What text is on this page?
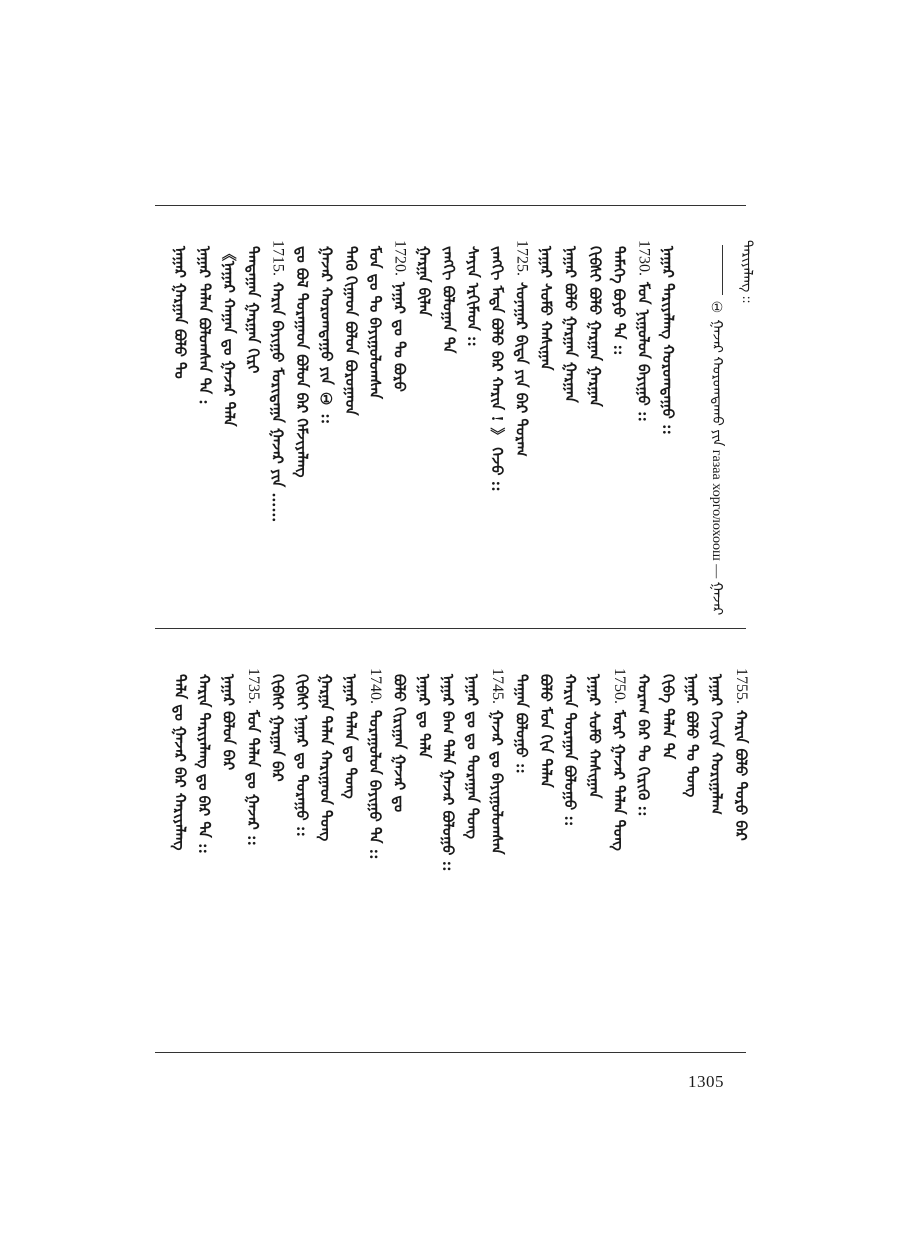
ᠲᠠᠷᠢᠶᠠᠯᠠᠩ ::
① ᠭᠠᠵᠠᠷ ᠬᠣᠷᠤᠭᠳᠠᠬᠤ ᠶᠢᠨ газаа хорголохоош — ᠭᠠᠵᠠᠷ
ᠨᠠᠭᠠᠷ ᠲᠠᠷᠢᠶᠠᠯᠠᠩ ᠬᠣᠷᠤᠭᠳᠠᠭᠤ ::
1730.ᠮᠣᠨ ᠨᠢᠭᠤᠯᠤᠨ ᠪᠠᠶᠢᠭᠤ ::
ᠲᠡᠮᠡᠭᠡ ᠪᠤᠶᠤ ᠲᠡ ::
ᠬᠢᠪᠰᠢ ᠪᠣᠯᠤ ᠭᠠᠷᠭᠠᠨ ᠭᠠᠷᠭᠠᠨ
ᠨᠠᠭᠠᠷ ᠪᠣᠯᠤ ᠭᠠᠷᠭᠠᠨ ᠭᠠᠷᠭᠠᠨ
ᠨᠠᠭᠠᠷ ᠰᠤᠮᠤ ᠬᠠᠰᠢᠭᠠᠨ
1725.ᠰᠤᠨᠠᠭᠠᠷ ᠪᠢᠳᠡ ᠶᠢᠨ ᠪᠡᠷ ᠳᠤᠷᠠᠭ
ᠵᠠᠩᠭᠢ ᠮᠡᠳᠡ ᠪᠣᠯᠤ ᠪᠡᠷ ᠬᠠᠷᠢᠨ ! 》 ᠭᠡᠵᠦ ::
ᠰᠠᠶᠢᠨ ᠡᠷᠬᠢᠮᠡᠳ ::
ᠵᠠᠩᠭᠢ ᠪᠤᠯᠤᠭᠠᠨ ᠲᠡ
ᠭᠠᠷᠭᠠ ᠪᠢᠯᠠᠨ
1720.ᠨᠠᠭᠠᠷ ᠳᠤ ᠲᠤ ᠪᠣᠷᠤ
ᠮᠣᠨ ᠳᠤ ᠲᠤ ᠪᠠᠶᠢᠭᠤᠯᠤᠭᠰᠠᠨ
ᠲᠡᠭᠦ ᠬᠢᠭᠠᠳ ᠪᠤᠯᠤᠨ ᠪᠤᠷᠤᠭᠠᠳ
ᠭᠠᠵᠠᠷ ᠬᠣᠷᠤᠭᠳᠠᠭᠤ ᠶᠢᠨ ① ::
ᠳᠤ ᠪᠣᠯ ᠲᠤᠷᠠᠭᠠᠳ ᠪᠤᠯᠤᠨ ᠪᠡᠷ ᠬᠡᠮᠵᠢᠶᠡᠯᠡᠩ
1715.ᠬᠠᠷᠢᠨ ᠪᠠᠶᠢᠭᠤ ᠮᠣᠷᠢᠳᠠᠭᠠ ᠭᠠᠵᠠᠷ ᠶᠢᠨ ……
ᠲᠠᠨᠳᠠᠭᠠᠨ ᠭᠠᠷᠭᠠᠨ ᠬᠢᠷᠢ
《ᠨᠠᠭᠠᠷ ᠬᠠᠭᠠᠨ ᠳᠤ ᠭᠠᠵᠠᠷ ᠲᠠᠯᠠ
ᠨᠠᠭᠠᠷ ᠲᠠᠯᠠᠨ ᠪᠣᠯᠤᠭᠰᠠᠨ ᠲᠡ :
ᠨᠠᠭᠠᠷ ᠭᠠᠷᠭᠠᠨ ᠪᠣᠯᠤ ᠲᠤ
1755.ᠬᠠᠷᠢᠨ ᠪᠣᠯᠤ ᠲᠤᠷᠤ ᠪᠡᠷ
ᠨᠠᠭᠠᠷ ᠬᠡᠵᠢᠶᠡ ᠬᠣᠷᠢᠭᠠᠯᠠᠭ
ᠨᠠᠭᠠᠷ ᠪᠣᠯᠤ ᠲᠤ ᠲᠤᠩ
ᠬᠢᠪᠠ ᠲᠠᠯᠠᠨ ᠲᠡ
ᠬᠤᠷᠠᠭ ᠪᠡᠷ ᠲᠤ ᠬᠢᠷᠢᠭᠦ ::
1750.ᠮᠣᠷᠢ ᠭᠠᠵᠠᠷ ᠲᠠᠯᠠᠨ ᠲᠤᠩ
ᠨᠠᠭᠠᠷ ᠰᠤᠮᠤ ᠬᠠᠰᠢᠭᠠᠨ
ᠬᠠᠷᠢᠨ ᠳᠤᠷᠠᠭᠠᠨ ᠪᠣᠯᠤᠭᠤ ::
ᠪᠣᠯᠤ ᠮᠣᠨ ᠬᠢᠨ ᠲᠠᠯᠠᠨ
ᠲᠠᠭᠠᠨ ᠪᠣᠯᠤᠭᠤ ::
1745.ᠭᠠᠵᠠᠷ ᠳᠤ ᠪᠠᠶᠢᠭᠤᠯᠤᠭᠰᠠᠨ
ᠨᠠᠭᠠᠷ ᠳᠤ ᠳᠤ ᠲᠤᠷᠠᠭᠠᠨ ᠲᠤᠩ
ᠨᠠᠭᠠᠷ ᠪᠠᠭ ᠲᠠᠯᠠ ᠭᠠᠵᠠᠷ ᠪᠣᠯᠤᠭᠤ ::
ᠨᠠᠭᠠᠷ ᠳᠤ ᠲᠠᠯᠠ
ᠪᠣᠯᠤ ᠬᠢᠷᠢᠭᠠᠨ ᠭᠠᠵᠠᠷ ᠳᠤ
1740.ᠲᠤᠷᠠᠭᠤᠯᠤᠨ ᠪᠠᠶᠢᠭᠤ ᠲᠡ ::
ᠨᠠᠭᠠᠷ ᠲᠠᠯᠠᠨ ᠳᠤ ᠲᠤᠩ
ᠭᠠᠷᠭᠠ ᠲᠠᠯᠠᠨ ᠬᠠᠷᠢᠭᠠᠳ ᠲᠤᠩ
ᠬᠢᠪᠰᠢ ᠨᠠᠭᠠᠷ ᠳᠤ ᠲᠤᠷᠠᠭᠤ ::
ᠬᠢᠪᠰᠢ ᠭᠠᠷᠭᠠᠨ ᠪᠡᠷ
1735.ᠮᠣᠨ ᠲᠠᠯᠠᠨ ᠳᠤ ᠭᠠᠵᠠᠷ ::
ᠨᠠᠭᠠᠷ ᠪᠣᠯᠤᠨ ᠪᠡᠷ
ᠬᠠᠷᠢᠨ ᠲᠠᠷᠢᠶᠠᠯᠠᠩ ᠳᠤ ᠪᠡᠷ ᠲᠡ ::
ᠲᠠᠯᠠ ᠳᠤ ᠭᠠᠵᠠᠷ ᠪᠡᠷ ᠬᠠᠷᠢᠶᠠᠯᠠᠩ
1305
